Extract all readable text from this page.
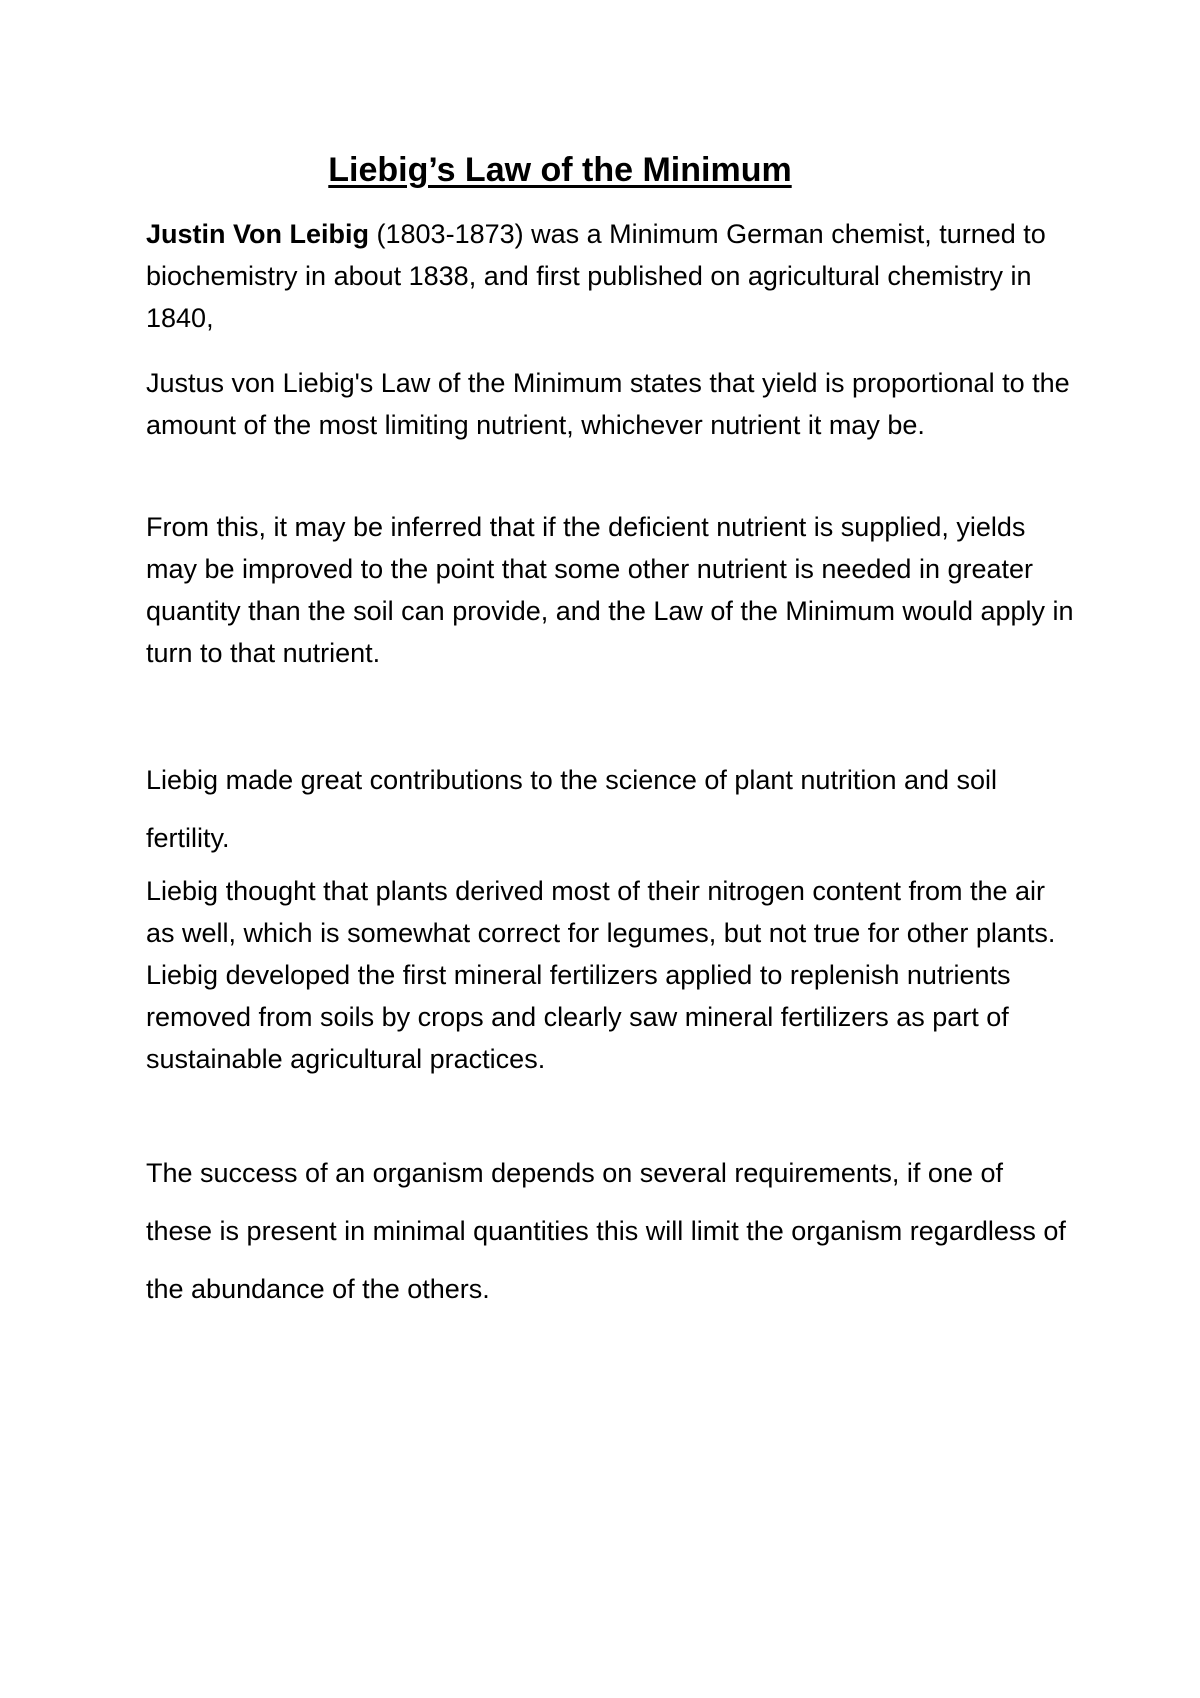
Liebig’s Law of the Minimum

Justin Von Leibig (1803-1873) was a Minimum German chemist, turned to biochemistry in about 1838, and first published on agricultural chemistry in 1840,

Justus von Liebig's Law of the Minimum states that yield is proportional to the amount of the most limiting nutrient, whichever nutrient it may be.

From this, it may be inferred that if the deficient nutrient is supplied, yields may be improved to the point that some other nutrient is needed in greater quantity than the soil can provide, and the Law of the Minimum would apply in turn to that nutrient.

Liebig made great contributions to the science of plant nutrition and soil fertility.

Liebig thought that plants derived most of their nitrogen content from the air as well, which is somewhat correct for legumes, but not true for other plants. Liebig developed the first mineral fertilizers applied to replenish nutrients removed from soils by crops and clearly saw mineral fertilizers as part of sustainable agricultural practices.

The success of an organism depends on several requirements, if one of these is present in minimal quantities this will limit the organism regardless of the abundance of the others.
